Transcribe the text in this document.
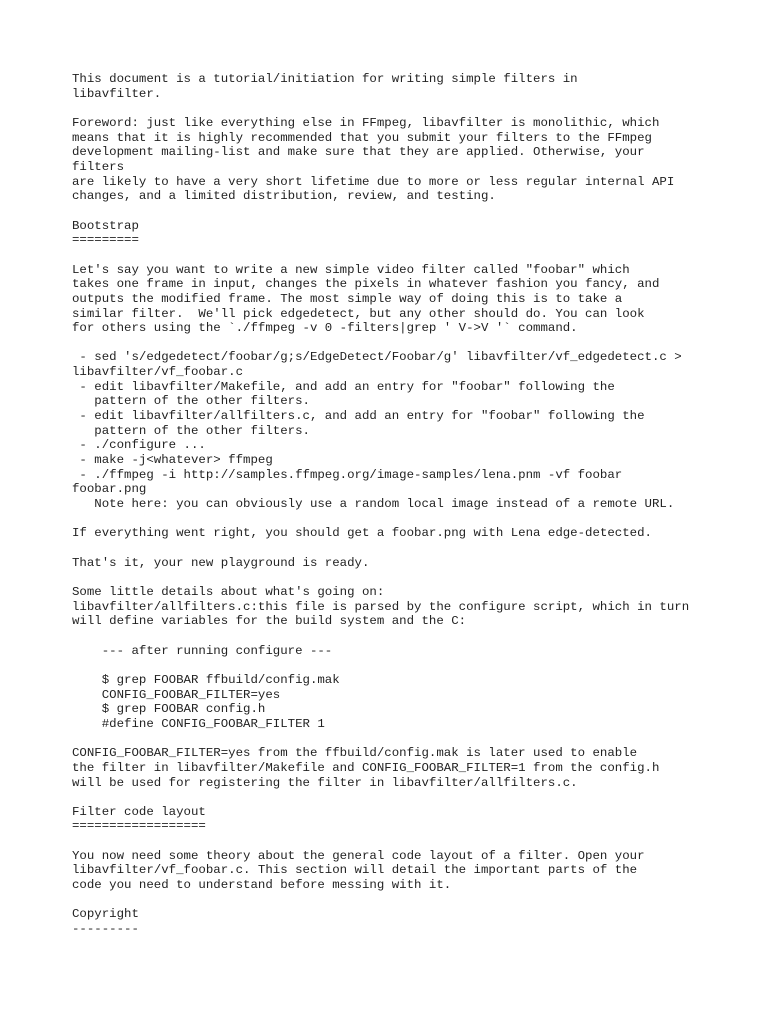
This document is a tutorial/initiation for writing simple filters in
libavfilter.

Foreword: just like everything else in FFmpeg, libavfilter is monolithic, which
means that it is highly recommended that you submit your filters to the FFmpeg
development mailing-list and make sure that they are applied. Otherwise, your
filters
are likely to have a very short lifetime due to more or less regular internal API
changes, and a limited distribution, review, and testing.

Bootstrap
=========

Let's say you want to write a new simple video filter called "foobar" which
takes one frame in input, changes the pixels in whatever fashion you fancy, and
outputs the modified frame. The most simple way of doing this is to take a
similar filter.  We'll pick edgedetect, but any other should do. You can look
for others using the `./ffmpeg -v 0 -filters|grep ' V->V '` command.

- sed 's/edgedetect/foobar/g;s/EdgeDetect/Foobar/g' libavfilter/vf_edgedetect.c >
libavfilter/vf_foobar.c
- edit libavfilter/Makefile, and add an entry for "foobar" following the
pattern of the other filters.
- edit libavfilter/allfilters.c, and add an entry for "foobar" following the
pattern of the other filters.
- ./configure ...
- make -j<whatever> ffmpeg
- ./ffmpeg -i http://samples.ffmpeg.org/image-samples/lena.pnm -vf foobar
foobar.png
Note here: you can obviously use a random local image instead of a remote URL.

If everything went right, you should get a foobar.png with Lena edge-detected.

That's it, your new playground is ready.

Some little details about what's going on:
libavfilter/allfilters.c:this file is parsed by the configure script, which in turn
will define variables for the build system and the C:

--- after running configure ---

$ grep FOOBAR ffbuild/config.mak
CONFIG_FOOBAR_FILTER=yes
$ grep FOOBAR config.h
#define CONFIG_FOOBAR_FILTER 1

CONFIG_FOOBAR_FILTER=yes from the ffbuild/config.mak is later used to enable
the filter in libavfilter/Makefile and CONFIG_FOOBAR_FILTER=1 from the config.h
will be used for registering the filter in libavfilter/allfilters.c.

Filter code layout
==================

You now need some theory about the general code layout of a filter. Open your
libavfilter/vf_foobar.c. This section will detail the important parts of the
code you need to understand before messing with it.

Copyright
---------
